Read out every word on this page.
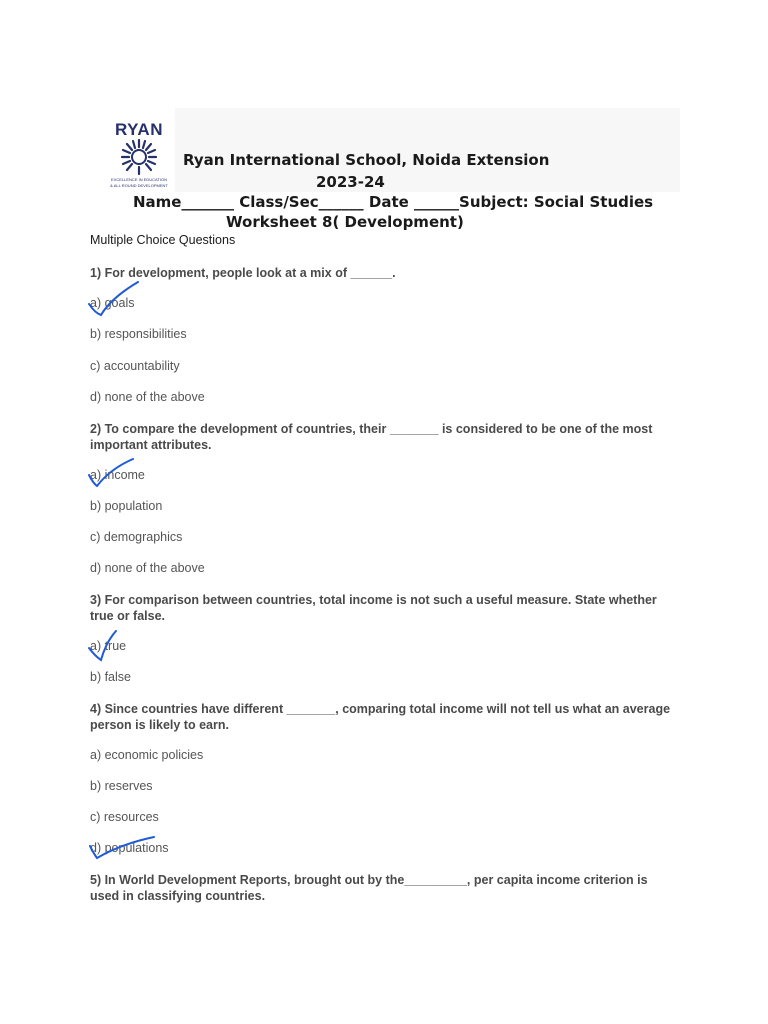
RYAN
EXCELLENCE IN EDUCATION
& ALL ROUND DEVELOPMENT
Ryan International School, Noida Extension
2023-24
Name_______ Class/Sec______ Date ______Subject: Social Studies
Worksheet 8( Development)
Multiple Choice Questions
1) For development, people look at a mix of ______.
a) goals
b) responsibilities
c) accountability
d) none of the above
2) To compare the development of countries, their _______ is considered to be one of the most important attributes.
a) income
b) population
c) demographics
d) none of the above
3) For comparison between countries, total income is not such a useful measure. State whether true or false.
a) true
b) false
4) Since countries have different _______, comparing total income will not tell us what an average person is likely to earn.
a) economic policies
b) reserves
c) resources
d) populations
5) In World Development Reports, brought out by the_________, per capita income criterion is used in classifying countries.
